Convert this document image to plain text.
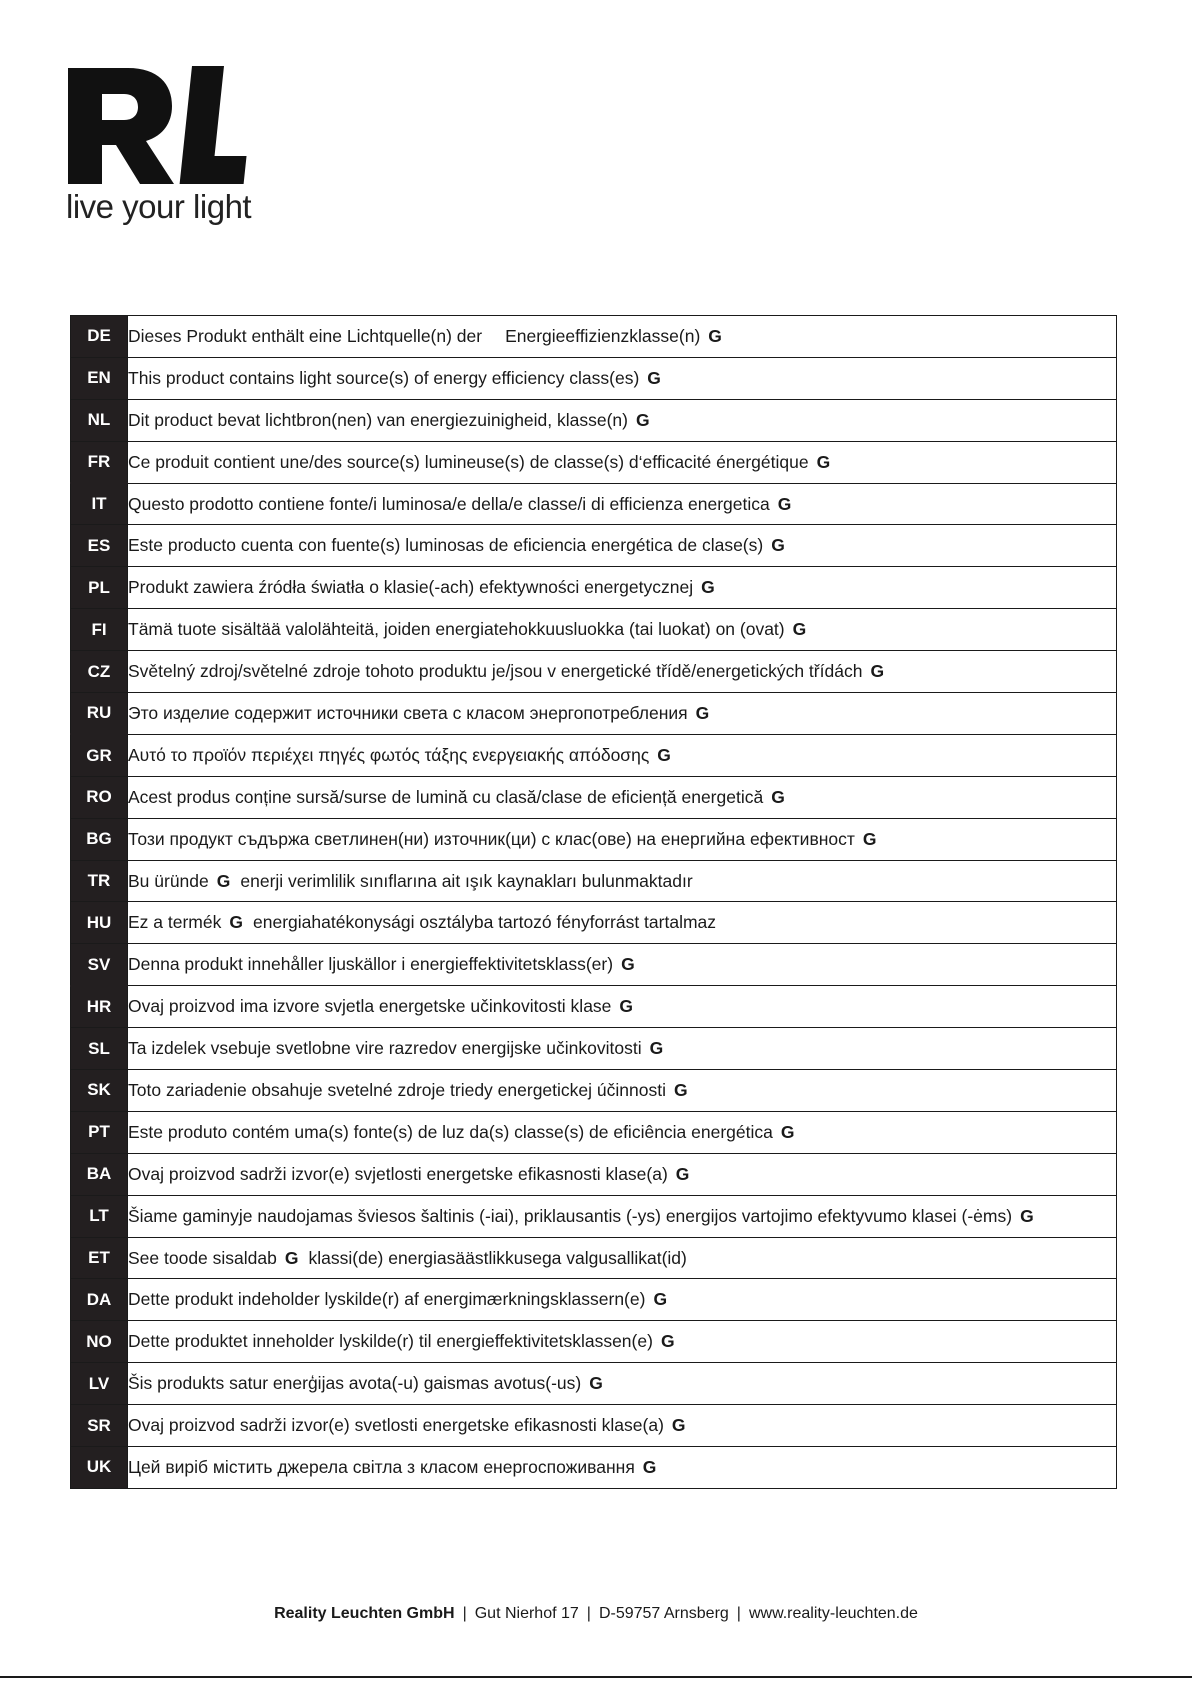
live your light
DE	Dieses Produkt enthält eine Lichtquelle(n) der Energieeffizienzklasse(n) G
EN	This product contains light source(s) of energy efficiency class(es) G
NL	Dit product bevat lichtbron(nen) van energiezuinigheid, klasse(n) G
FR	Ce produit contient une/des source(s) lumineuse(s) de classe(s) d‘efficacité énergétique G
IT	Questo prodotto contiene fonte/i luminosa/e della/e classe/i di efficienza energetica G
ES	Este producto cuenta con fuente(s) luminosas de eficiencia energética de clase(s) G
PL	Produkt zawiera źródła światła o klasie(-ach) efektywności energetycznej G
FI	Tämä tuote sisältää valolähteitä, joiden energiatehokkuusluokka (tai luokat) on (ovat) G
CZ	Světelný zdroj/světelné zdroje tohoto produktu je/jsou v energetické třídě/energetických třídách G
RU	Это изделие содержит источники света с класом энергопотребления G
GR	Αυτό το προϊόν περιέχει πηγές φωτός τάξης ενεργειακής απόδοσης G
RO	Acest produs conține sursă/surse de lumină cu clasă/clase de eficiență energetică G
BG	Този продукт съдържа светлинен(ни) източник(ци) с клас(ове) на енергийна ефективност G
TR	Bu üründe G enerji verimlilik sınıflarına ait ışık kaynakları bulunmaktadır
HU	Ez a termék G energiahatékonysági osztályba tartozó fényforrást tartalmaz
SV	Denna produkt innehåller ljuskällor i energieffektivitetsklass(er) G
HR	Ovaj proizvod ima izvore svjetla energetske učinkovitosti klase G
SL	Ta izdelek vsebuje svetlobne vire razredov energijske učinkovitosti G
SK	Toto zariadenie obsahuje svetelné zdroje triedy energetickej účinnosti G
PT	Este produto contém uma(s) fonte(s) de luz da(s) classe(s) de eficiência energética G
BA	Ovaj proizvod sadrži izvor(e) svjetlosti energetske efikasnosti klase(a) G
LT	Šiame gaminyje naudojamas šviesos šaltinis (-iai), priklausantis (-ys) energijos vartojimo efektyvumo klasei (-ėms) G
ET	See toode sisaldab G klassi(de) energiasäästlikkusega valgusallikat(id)
DA	Dette produkt indeholder lyskilde(r) af energimærkningsklassern(e) G
NO	Dette produktet inneholder lyskilde(r) til energieffektivitetsklassen(e) G
LV	Šis produkts satur enerģijas avota(-u) gaismas avotus(-us) G
SR	Ovaj proizvod sadrži izvor(e) svetlosti energetske efikasnosti klase(a) G
UK	Цей виріб містить джерела світла з класом енергоспоживання G
Reality Leuchten GmbH | Gut Nierhof 17 | D-59757 Arnsberg | www.reality-leuchten.de
